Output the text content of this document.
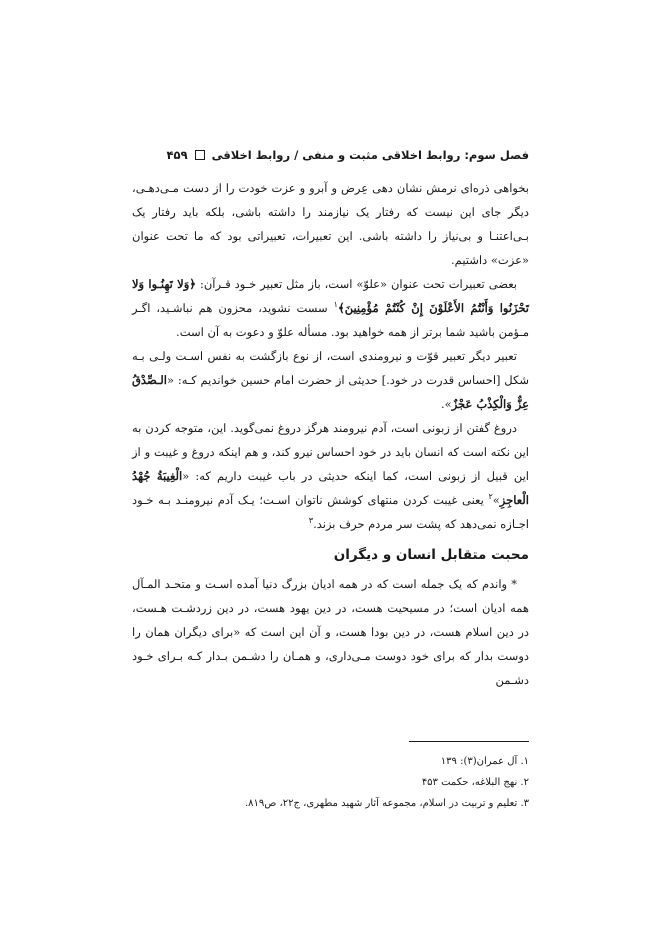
فصل سوم: روابط اخلاقی مثبت و منفی / روابط اخلاقی
۴۵۹

بخواهی ذره‌ای نرمش نشان دهی عِرض و آبرو و عزت خودت را از دست مـی‌دهـی، دیگر جای این نیست که رفتار یک نیازمند را داشته باشی، بلکه باید رفتار یک بـی‌اعتنـا و بی‌نیاز را داشته باشی. این تعبیرات، تعبیراتی بود که ما تحت عنوان «عزت» داشتیم.

بعضی تعبیرات تحت عنوان «علوّ» است، باز مثل تعبیر خـود قـرآن: ﴿وَلا تَهِنُـوا وَلا تَحْزَنُوا وَأَنْتُمُ الأَعْلَوْنَ إِنْ كُنْتُمْ مُؤْمِنِينَ﴾$^۱$ سست نشوید، محزون هم نباشـید، اگـر مـؤمن باشید شما برتر از همه خواهید بود. مسأله علوّ و دعوت به آن است.

تعبیر دیگر تعبیر قوّت و نیرومندی است، از نوع بازگشت به نفس اسـت ولـی بـه شکل [احساس قدرت در خود.] حدیثی از حضرت امام حسین خواندیم کـه: «الـصِّدْقُ عِزٌّ وَالْكِذْبُ عَجْزٌ».

دروغ گفتن از زبونی است، آدم نیرومند هرگز دروغ نمی‌گوید. این، متوجه کردن به این نکته است که انسان باید در خود احساس نیرو کند، و هم اینکه دروغ و غیبت و از این قبیل از زبونی است، کما اینکه حدیثی در باب غیبت داریم که: «الْغِيبَةُ جُهْدُ الْعاجِزِ»$^۲$ یعنی غیبت کردن منتهای کوشش ناتوان اسـت؛ یـک آدم نیرومنـد بـه خـود اجـازه نمی‌دهد که پشت سر مردم حرف بزند.$^۳$

محبت متقابل انسان و دیگران

* واندم که یک جمله است که در همه ادیان بزرگ دنیا آمده اسـت و متحـد المـآل همه ادیان است؛ در مسیحیت هست، در دین یهود هست، در دین زردشـت هـست، در دین اسلام هست، در دین بودا هست، و آن این است که «برای دیگران همان را دوست بدار که برای خود دوست مـی‌داری، و همـان را دشـمن بـدار کـه بـرای خـود دشـمن

۱. آل عمران(۳): ۱۳۹
۲. نهج البلاغه، حکمت ۴۵۳
۳. تعلیم و تربیت در اسلام، مجموعه آثار شهید مطهری، ج۲۲، ص۸۱۹.
